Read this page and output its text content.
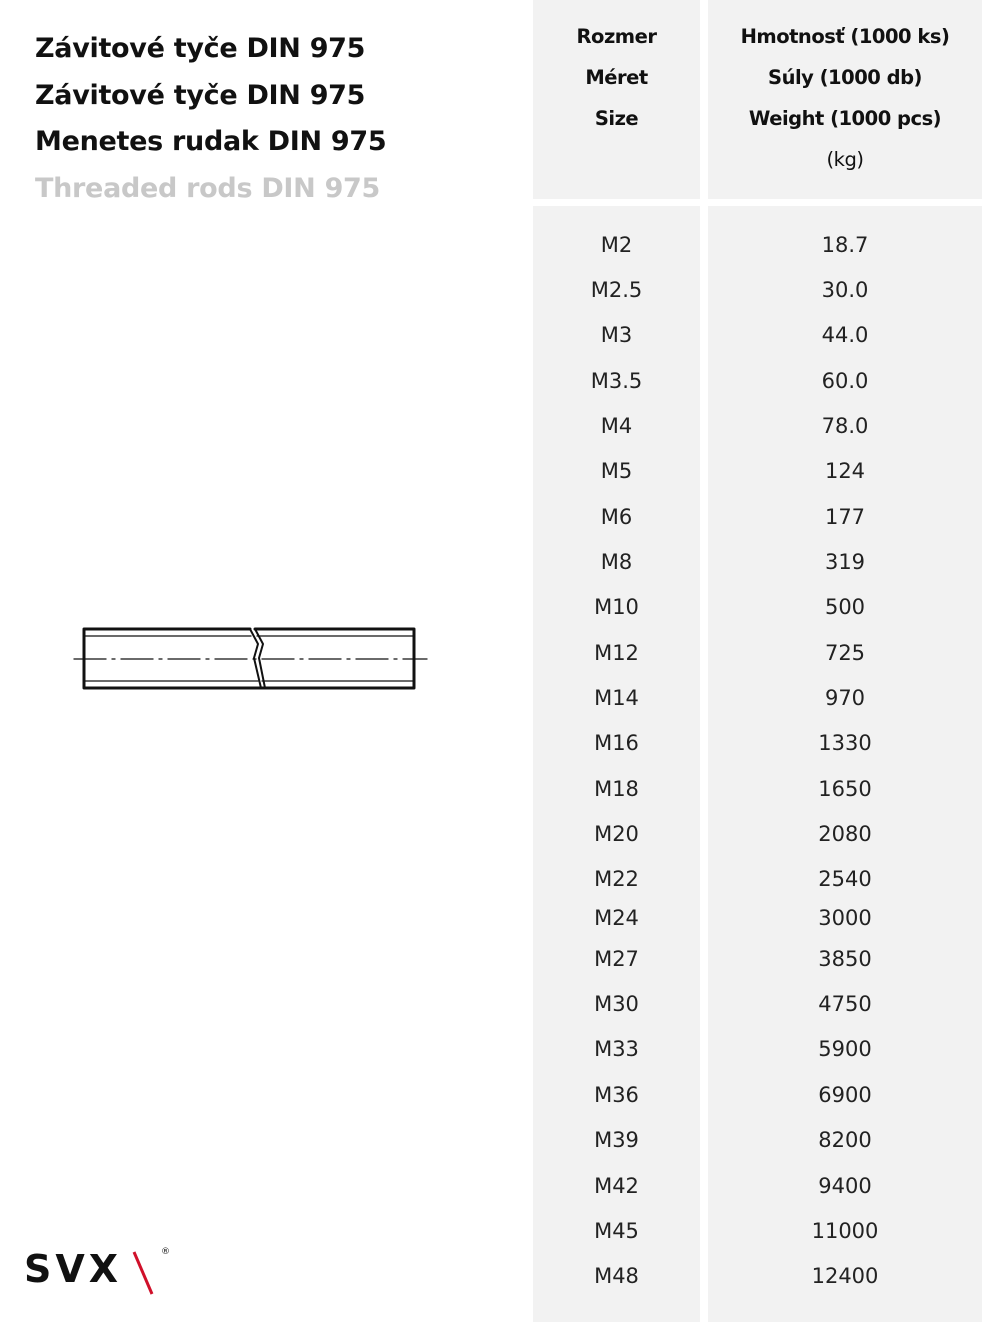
Závitové tyče DIN 975
Závitové tyče DIN 975
Menetes rudak DIN 975
Threaded rods DIN 975
Rozmer
Méret
Size
Hmotnosť (1000 ks)
Súly (1000 db)
Weight (1000 pcs)
(kg)
M2	18.7
M2.5	30.0
M3	44.0
M3.5	60.0
M4	78.0
M5	124
M6	177
M8	319
M10	500
M12	725
M14	970
M16	1330
M18	1650
M20	2080
M22	2540
M24	3000
M27	3850
M30	4750
M33	5900
M36	6900
M39	8200
M42	9400
M45	11000
M48	12400
SVX	®
